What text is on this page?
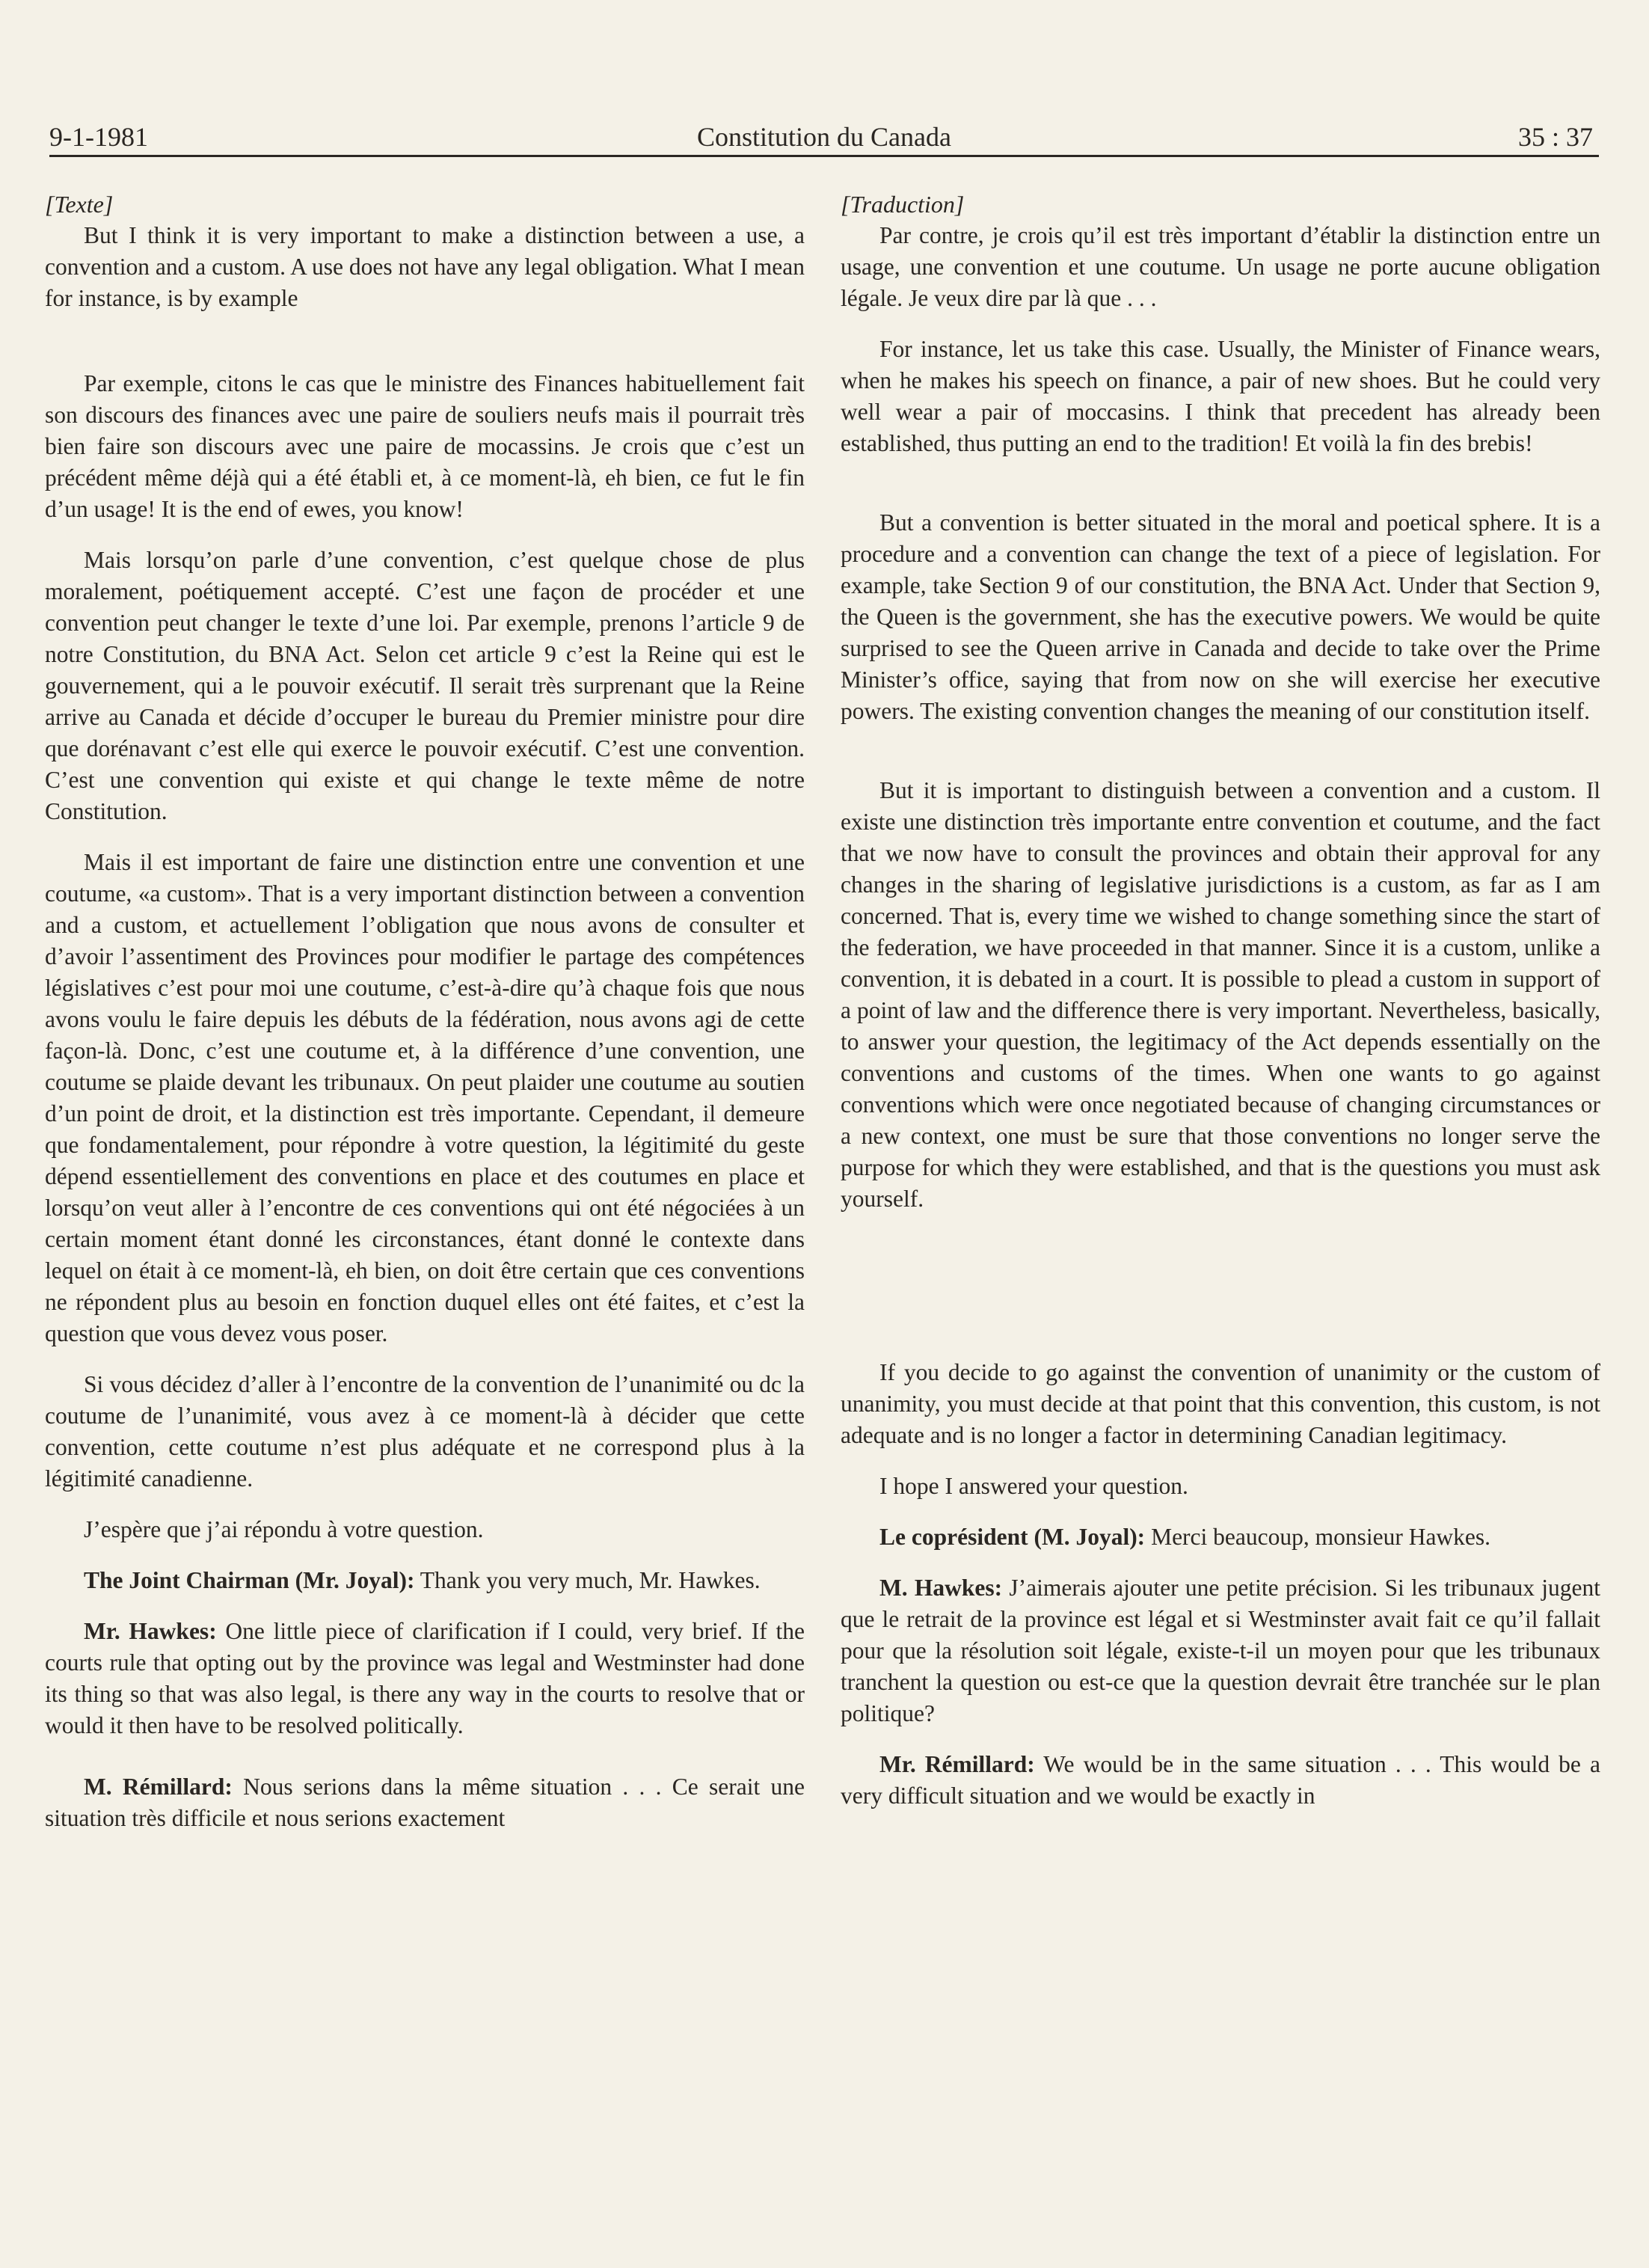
9-1-1981	Constitution du Canada	35 : 37

[Texte]

But I think it is very important to make a distinction between a use, a convention and a custom. A use does not have any legal obligation. What I mean for instance, is by example

Par exemple, citons le cas que le ministre des Finances habituellement fait son discours des finances avec une paire de souliers neufs mais il pourrait très bien faire son discours avec une paire de mocassins. Je crois que c’est un précédent même déjà qui a été établi et, à ce moment-là, eh bien, ce fut le fin d’un usage! It is the end of ewes, you know!

Mais lorsqu’on parle d’une convention, c’est quelque chose de plus moralement, poétiquement accepté. C’est une façon de procéder et une convention peut changer le texte d’une loi. Par exemple, prenons l’article 9 de notre Constitution, du BNA Act. Selon cet article 9 c’est la Reine qui est le gouvernement, qui a le pouvoir exécutif. Il serait très surprenant que la Reine arrive au Canada et décide d’occuper le bureau du Premier ministre pour dire que dorénavant c’est elle qui exerce le pouvoir exécutif. C’est une convention. C’est une convention qui existe et qui change le texte même de notre Constitution.

Mais il est important de faire une distinction entre une convention et une coutume, «a custom». That is a very important distinction between a convention and a custom, et actuellement l’obligation que nous avons de consulter et d’avoir l’assentiment des Provinces pour modifier le partage des compétences législatives c’est pour moi une coutume, c’est-à-dire qu’à chaque fois que nous avons voulu le faire depuis les débuts de la fédération, nous avons agi de cette façon-là. Donc, c’est une coutume et, à la différence d’une convention, une coutume se plaide devant les tribunaux. On peut plaider une coutume au soutien d’un point de droit, et la distinction est très importante. Cependant, il demeure que fondamentalement, pour répondre à votre question, la légitimité du geste dépend essentiellement des conventions en place et des coutumes en place et lorsqu’on veut aller à l’encontre de ces conventions qui ont été négociées à un certain moment étant donné les circonstances, étant donné le contexte dans lequel on était à ce moment-là, eh bien, on doit être certain que ces conventions ne répondent plus au besoin en fonction duquel elles ont été faites, et c’est la question que vous devez vous poser.

Si vous décidez d’aller à l’encontre de la convention de l’unanimité ou dc la coutume de l’unanimité, vous avez à ce moment-là à décider que cette convention, cette coutume n’est plus adéquate et ne correspond plus à la légitimité canadienne.

J’espère que j’ai répondu à votre question.

The Joint Chairman (Mr. Joyal): Thank you very much, Mr. Hawkes.

Mr. Hawkes: One little piece of clarification if I could, very brief. If the courts rule that opting out by the province was legal and Westminster had done its thing so that was also legal, is there any way in the courts to resolve that or would it then have to be resolved politically.

M. Rémillard: Nous serions dans la même situation . . . Ce serait une situation très difficile et nous serions exactement

[Traduction]

Par contre, je crois qu’il est très important d’établir la distinction entre un usage, une convention et une coutume. Un usage ne porte aucune obligation légale. Je veux dire par là que . . .

For instance, let us take this case. Usually, the Minister of Finance wears, when he makes his speech on finance, a pair of new shoes. But he could very well wear a pair of moccasins. I think that precedent has already been established, thus putting an end to the tradition! Et voilà la fin des brebis!

But a convention is better situated in the moral and poetical sphere. It is a procedure and a convention can change the text of a piece of legislation. For example, take Section 9 of our constitution, the BNA Act. Under that Section 9, the Queen is the government, she has the executive powers. We would be quite surprised to see the Queen arrive in Canada and decide to take over the Prime Minister’s office, saying that from now on she will exercise her executive powers. The existing convention changes the meaning of our constitution itself.

But it is important to distinguish between a convention and a custom. Il existe une distinction très importante entre convention et coutume, and the fact that we now have to consult the provinces and obtain their approval for any changes in the sharing of legislative jurisdictions is a custom, as far as I am concerned. That is, every time we wished to change something since the start of the federation, we have proceeded in that manner. Since it is a custom, unlike a convention, it is debated in a court. It is possible to plead a custom in support of a point of law and the difference there is very important. Nevertheless, basically, to answer your question, the legitimacy of the Act depends essentially on the conventions and customs of the times. When one wants to go against conventions which were once negotiated because of changing circumstances or a new context, one must be sure that those conventions no longer serve the purpose for which they were established, and that is the questions you must ask yourself.

If you decide to go against the convention of unanimity or the custom of unanimity, you must decide at that point that this convention, this custom, is not adequate and is no longer a factor in determining Canadian legitimacy.

I hope I answered your question.

Le coprésident (M. Joyal): Merci beaucoup, monsieur Hawkes.

M. Hawkes: J’aimerais ajouter une petite précision. Si les tribunaux jugent que le retrait de la province est légal et si Westminster avait fait ce qu’il fallait pour que la résolution soit légale, existe-t-il un moyen pour que les tribunaux tranchent la question ou est-ce que la question devrait être tranchée sur le plan politique?

Mr. Rémillard: We would be in the same situation . . . This would be a very difficult situation and we would be exactly in
